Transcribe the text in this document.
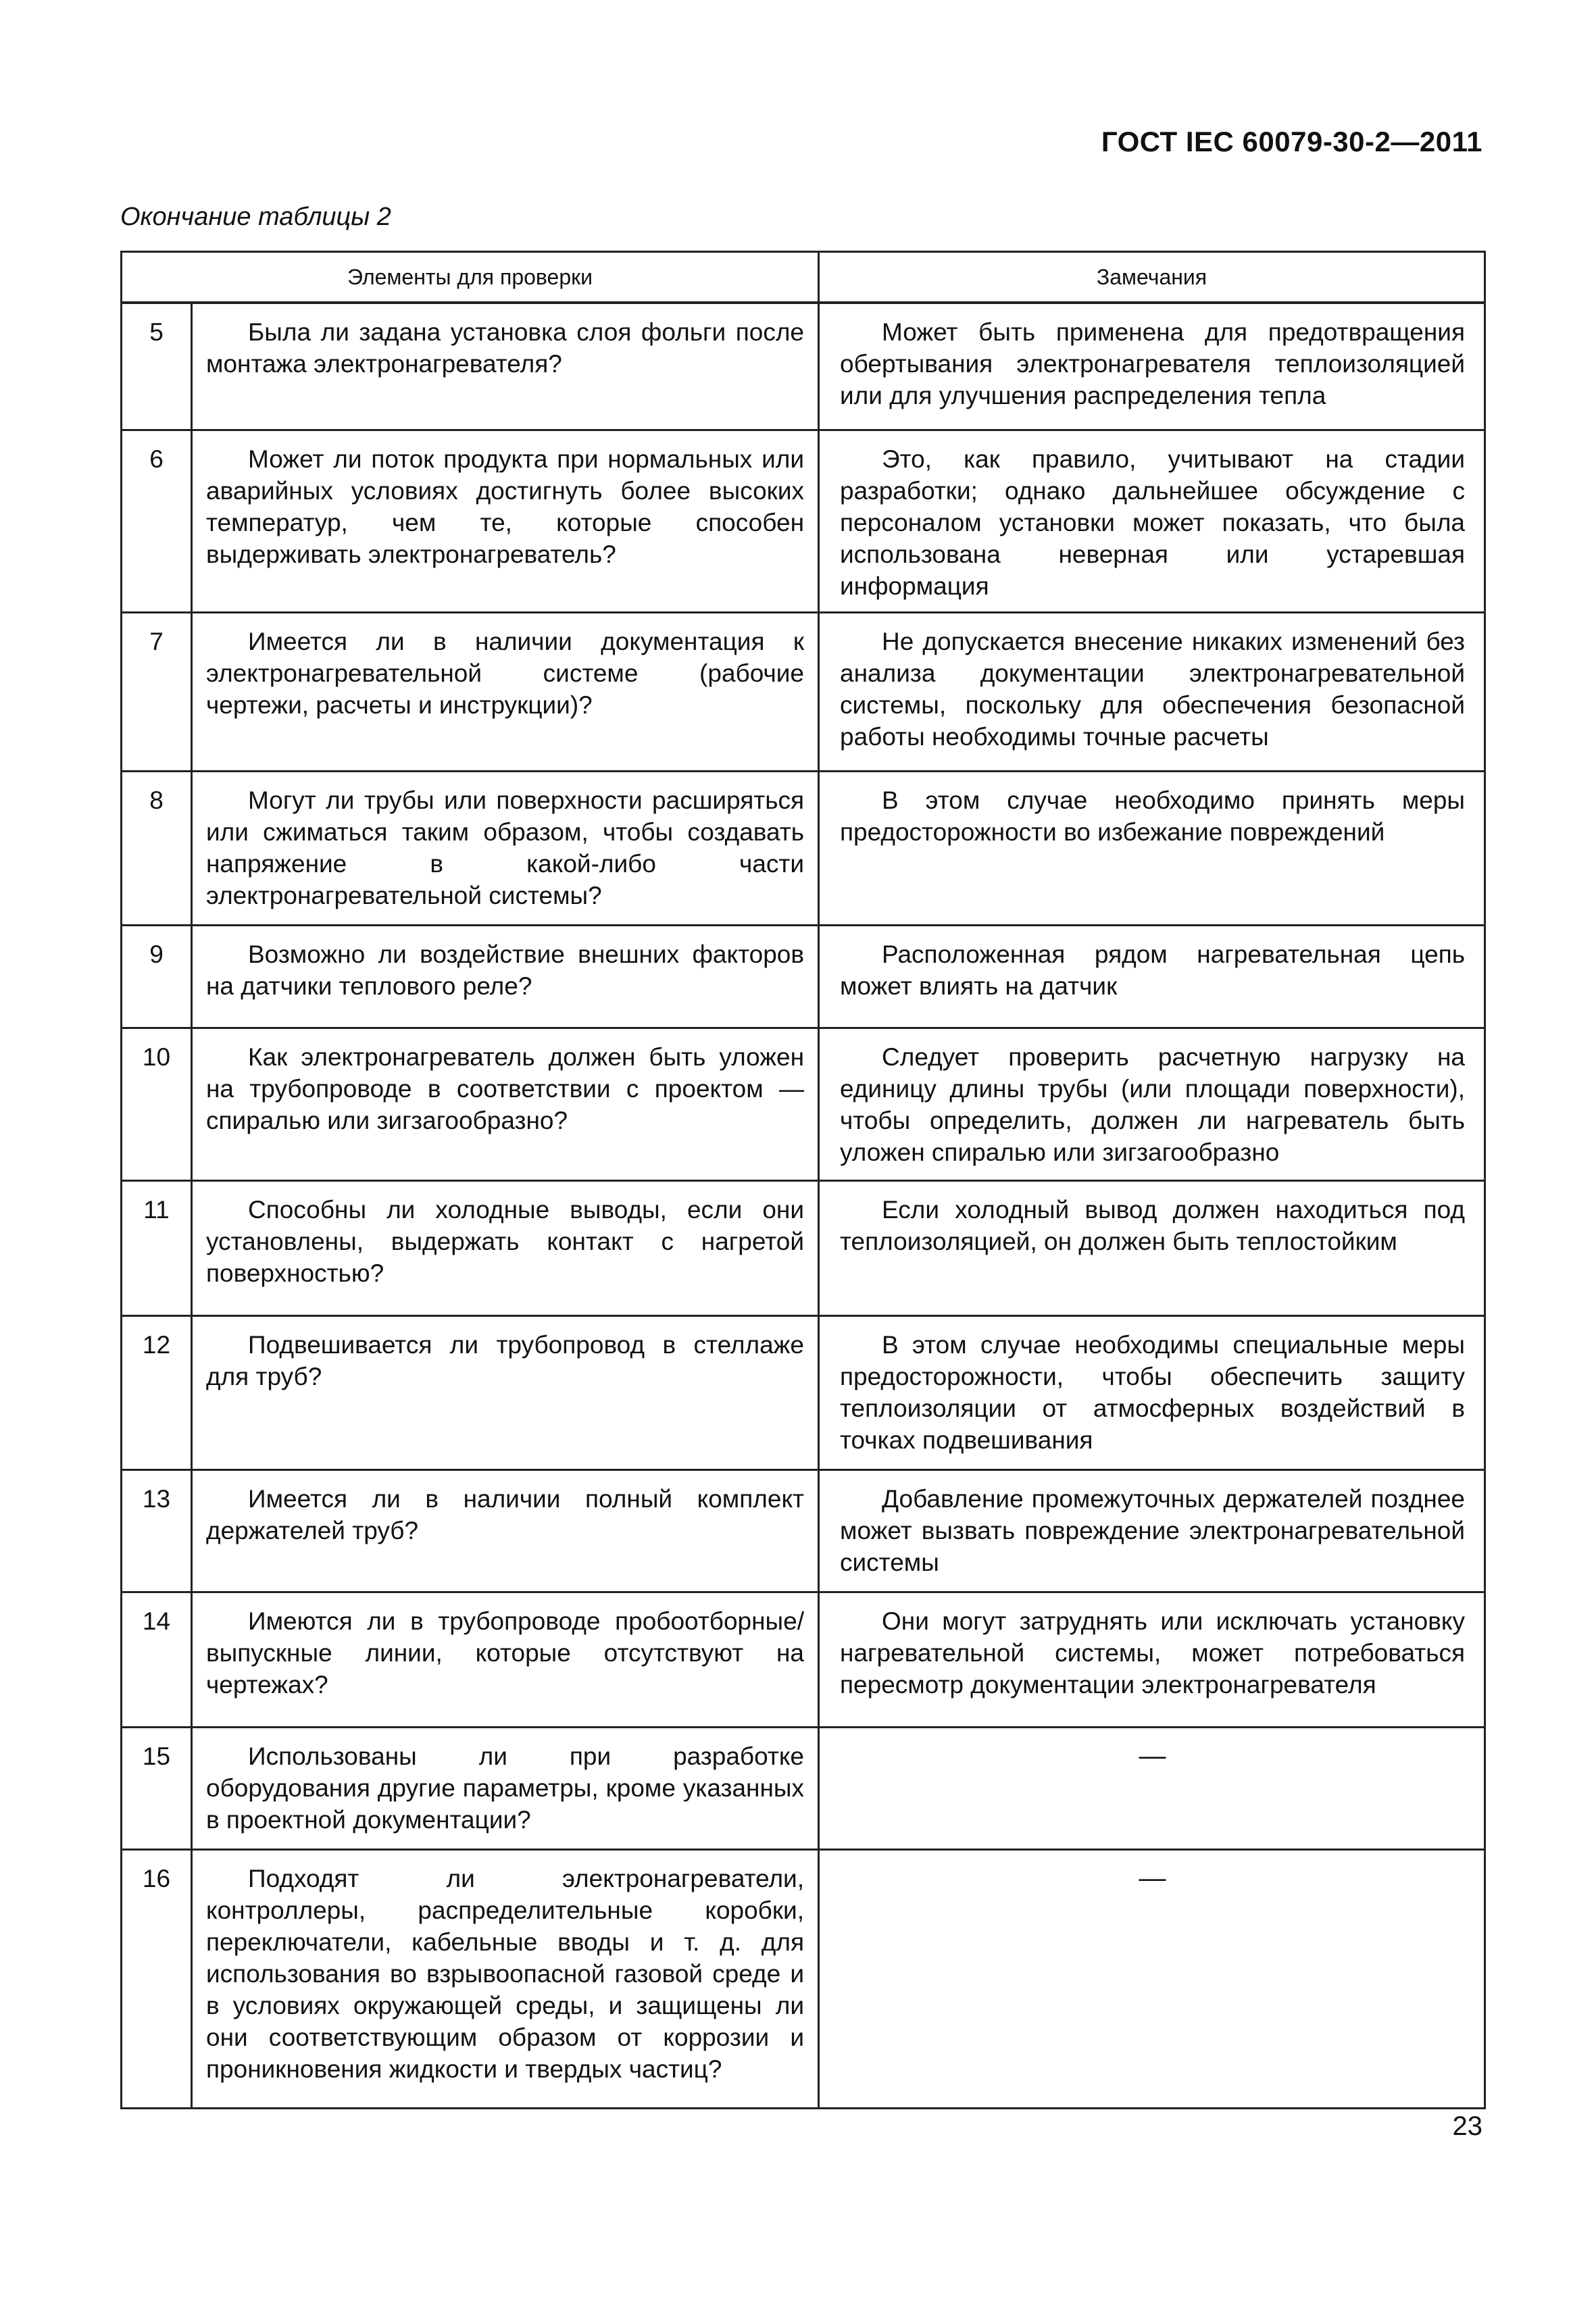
ГОСТ IEC 60079-30-2—2011
Окончание таблицы 2
Элементы для проверки		Замечания
5	Была ли задана установка слоя фольги после монтажа электронагревателя?	Может быть применена для предотвращения обертывания электронагревателя теплоизоляцией или для улучшения распределения тепла
6	Может ли поток продукта при нормальных или аварийных условиях достигнуть более высоких температур, чем те, которые способен выдерживать электронагреватель?	Это, как правило, учитывают на стадии разработки; однако дальнейшее обсуждение с персоналом установки может показать, что была использована неверная или устаревшая информация
7	Имеется ли в наличии документация к электронагревательной системе (рабочие чертежи, расчеты и инструкции)?	Не допускается внесение никаких изменений без анализа документации электронагревательной системы, поскольку для обеспечения безопасной работы необходимы точные расчеты
8	Могут ли трубы или поверхности расширяться или сжиматься таким образом, чтобы создавать напряжение в какой-либо части электронагревательной системы?	В этом случае необходимо принять меры предосторожности во избежание повреждений
9	Возможно ли воздействие внешних факторов на датчики теплового реле?	Расположенная рядом нагревательная цепь может влиять на датчик
10	Как электронагреватель должен быть уложен на трубопроводе в соответствии с проектом — спиралью или зигзагообразно?	Следует проверить расчетную нагрузку на единицу длины трубы (или площади поверхности), чтобы определить, должен ли нагреватель быть уложен спиралью или зигзагообразно
11	Способны ли холодные выводы, если они установлены, выдержать контакт с нагретой поверхностью?	Если холодный вывод должен находиться под теплоизоляцией, он должен быть теплостойким
12	Подвешивается ли трубопровод в стеллаже для труб?	В этом случае необходимы специальные меры предосторожности, чтобы обеспечить защиту теплоизоляции от атмосферных воздействий в точках подвешивания
13	Имеется ли в наличии полный комплект держателей труб?	Добавление промежуточных держателей позднее может вызвать повреждение электронагревательной системы
14	Имеются ли в трубопроводе пробоотборные/выпускные линии, которые отсутствуют на чертежах?	Они могут затруднять или исключать установку нагревательной системы, может потребоваться пересмотр документации электронагревателя
15	Использованы ли при разработке оборудования другие параметры, кроме указанных в проектной документации?	—
16	Подходят ли электронагреватели, контроллеры, распределительные коробки, переключатели, кабельные вводы и т. д. для использования во взрывоопасной газовой среде и в условиях окружающей среды, и защищены ли они соответствующим образом от коррозии и проникновения жидкости и твердых частиц?	—
23
